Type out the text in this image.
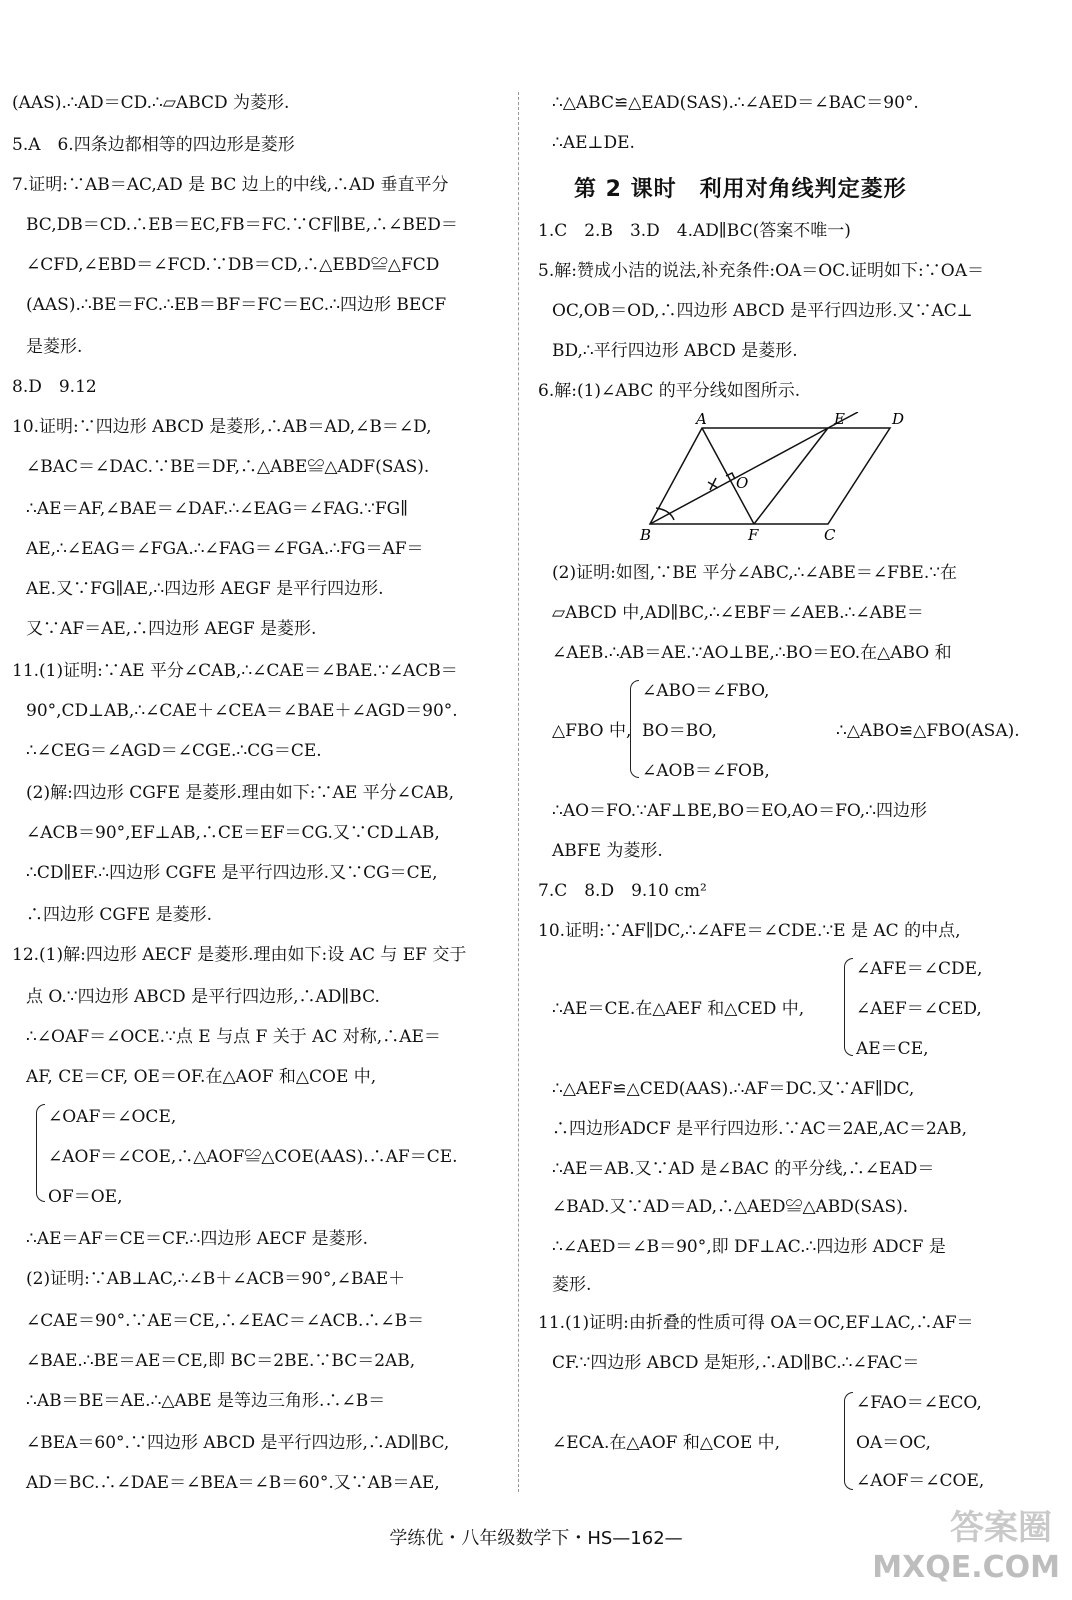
(AAS).∴AD＝CD.∴▱ABCD 为菱形.
5.A　6.四条边都相等的四边形是菱形
7.证明:∵AB＝AC,AD 是 BC 边上的中线,∴AD 垂直平分
BC,DB＝CD.∴EB＝EC,FB＝FC.∵CF∥BE,∴∠BED＝
∠CFD,∠EBD＝∠FCD.∵DB＝CD,∴△EBD≌△FCD
(AAS).∴BE＝FC.∴EB＝BF＝FC＝EC.∴四边形 BECF
是菱形.
8.D　9.12
10.证明:∵四边形 ABCD 是菱形,∴AB＝AD,∠B＝∠D,
∠BAC＝∠DAC.∵BE＝DF,∴△ABE≌△ADF(SAS).
∴AE＝AF,∠BAE＝∠DAF.∴∠EAG＝∠FAG.∵FG∥
AE,∴∠EAG＝∠FGA.∴∠FAG＝∠FGA.∴FG＝AF＝
AE.又∵FG∥AE,∴四边形 AEGF 是平行四边形.
又∵AF＝AE,∴四边形 AEGF 是菱形.
11.(1)证明:∵AE 平分∠CAB,∴∠CAE＝∠BAE.∵∠ACB＝
90°,CD⊥AB,∴∠CAE＋∠CEA＝∠BAE＋∠AGD＝90°.
∴∠CEG＝∠AGD＝∠CGE.∴CG＝CE.
(2)解:四边形 CGFE 是菱形.理由如下:∵AE 平分∠CAB,
∠ACB＝90°,EF⊥AB,∴CE＝EF＝CG.又∵CD⊥AB,
∴CD∥EF.∴四边形 CGFE 是平行四边形.又∵CG＝CE,
∴四边形 CGFE 是菱形.
12.(1)解:四边形 AECF 是菱形.理由如下:设 AC 与 EF 交于
点 O.∵四边形 ABCD 是平行四边形,∴AD∥BC.
∴∠OAF＝∠OCE.∵点 E 与点 F 关于 AC 对称,∴AE＝
AF, CE＝CF, OE＝OF.在△AOF 和△COE 中,
∠OAF＝∠OCE,
∠AOF＝∠COE,∴△AOF≌△COE(AAS).∴AF＝CE.
OF＝OE,
∴AE＝AF＝CE＝CF.∴四边形 AECF 是菱形.
(2)证明:∵AB⊥AC,∴∠B＋∠ACB＝90°,∠BAE＋
∠CAE＝90°.∵AE＝CE,∴∠EAC＝∠ACB.∴∠B＝
∠BAE.∴BE＝AE＝CE,即 BC＝2BE.∵BC＝2AB,
∴AB＝BE＝AE.∴△ABE 是等边三角形.∴∠B＝
∠BEA＝60°.∵四边形 ABCD 是平行四边形,∴AD∥BC,
AD＝BC.∴∠DAE＝∠BEA＝∠B＝60°.又∵AB＝AE,
∴△ABC≌△EAD(SAS).∴∠AED＝∠BAC＝90°.
∴AE⊥DE.
第 2 课时　利用对角线判定菱形
1.C　2.B　3.D　4.AD∥BC(答案不唯一)
5.解:赞成小洁的说法,补充条件:OA＝OC.证明如下:∵OA＝
OC,OB＝OD,∴四边形 ABCD 是平行四边形.又∵AC⊥
BD,∴平行四边形 ABCD 是菱形.
6.解:(1)∠ABC 的平分线如图所示.
A	E	D
O
B	F	C
(2)证明:如图,∵BE 平分∠ABC,∴∠ABE＝∠FBE.∵在
▱ABCD 中,AD∥BC,∴∠EBF＝∠AEB.∴∠ABE＝
∠AEB.∴AB＝AE.∵AO⊥BE,∴BO＝EO.在△ABO 和
△FBO 中,
∠ABO＝∠FBO,
BO＝BO,
∠AOB＝∠FOB,
∴△ABO≌△FBO(ASA).
∴AO＝FO.∵AF⊥BE,BO＝EO,AO＝FO,∴四边形
ABFE 为菱形.
7.C　8.D　9.10 cm²
10.证明:∵AF∥DC,∴∠AFE＝∠CDE.∵E 是 AC 的中点,
∴AE＝CE.在△AEF 和△CED 中,
∠AFE＝∠CDE,
∠AEF＝∠CED,
AE＝CE,
∴△AEF≌△CED(AAS).∴AF＝DC.又∵AF∥DC,
∴四边形ADCF 是平行四边形.∵AC＝2AE,AC＝2AB,
∴AE＝AB.又∵AD 是∠BAC 的平分线,∴∠EAD＝
∠BAD.又∵AD＝AD,∴△AED≌△ABD(SAS).
∴∠AED＝∠B＝90°,即 DF⊥AC.∴四边形 ADCF 是
菱形.
11.(1)证明:由折叠的性质可得 OA＝OC,EF⊥AC,∴AF＝
CF.∵四边形 ABCD 是矩形,∴AD∥BC.∴∠FAC＝
∠ECA.在△AOF 和△COE 中,
∠FAO＝∠ECO,
OA＝OC,
∠AOF＝∠COE,
学练优・八年级数学下・HS—162—	答案圈
MXQE.COM
